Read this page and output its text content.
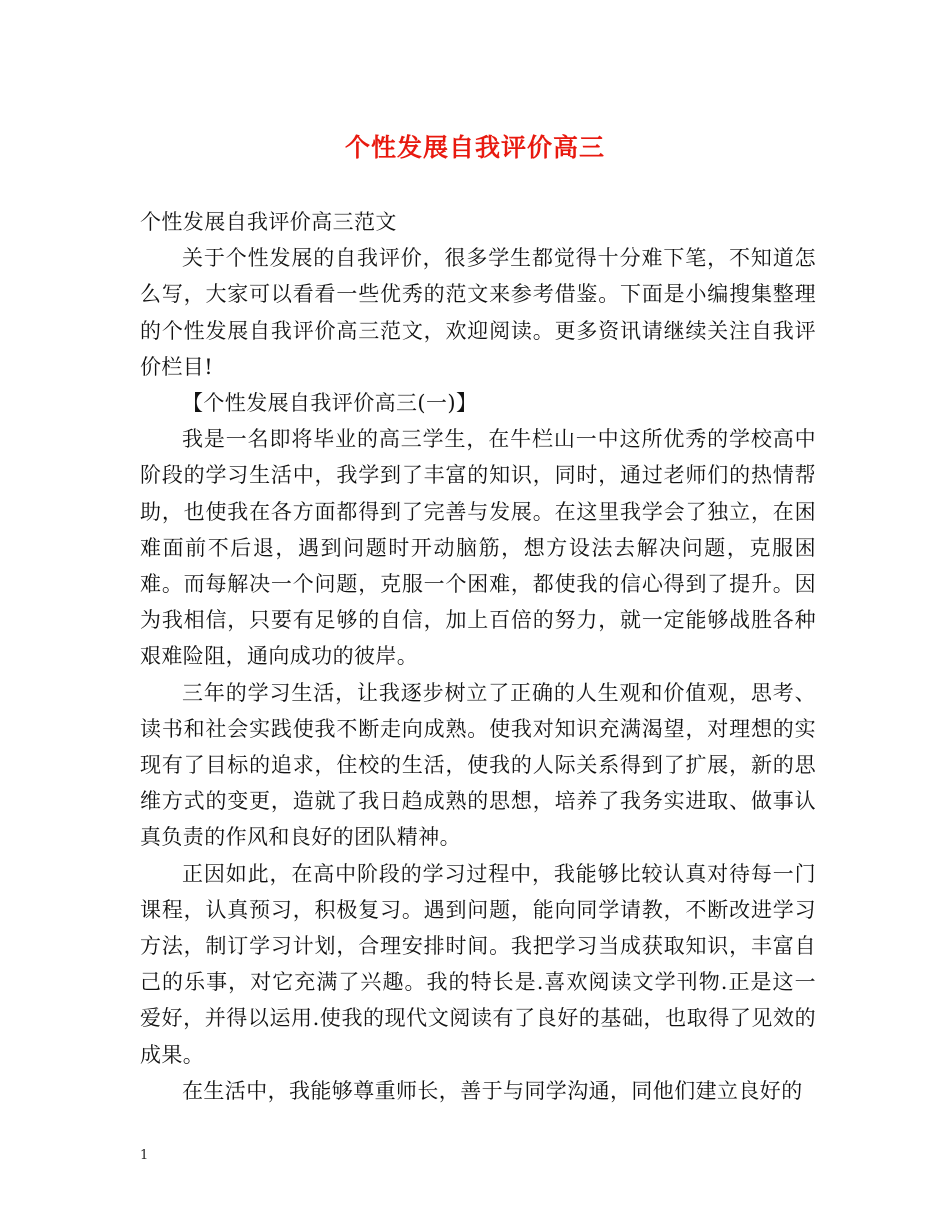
个性发展自我评价高三

个性发展自我评价高三范文

关于个性发展的自我评价，很多学生都觉得十分难下笔，不知道怎么写，大家可以看看一些优秀的范文来参考借鉴。下面是小编搜集整理的个性发展自我评价高三范文，欢迎阅读。更多资讯请继续关注自我评价栏目!

【个性发展自我评价高三(一)】

我是一名即将毕业的高三学生，在牛栏山一中这所优秀的学校高中阶段的学习生活中，我学到了丰富的知识，同时，通过老师们的热情帮助，也使我在各方面都得到了完善与发展。在这里我学会了独立，在困难面前不后退，遇到问题时开动脑筋，想方设法去解决问题，克服困难。而每解决一个问题，克服一个困难，都使我的信心得到了提升。因为我相信，只要有足够的自信，加上百倍的努力，就一定能够战胜各种艰难险阻，通向成功的彼岸。

三年的学习生活，让我逐步树立了正确的人生观和价值观，思考、读书和社会实践使我不断走向成熟。使我对知识充满渴望，对理想的实现有了目标的追求，住校的生活，使我的人际关系得到了扩展，新的思维方式的变更，造就了我日趋成熟的思想，培养了我务实进取、做事认真负责的作风和良好的团队精神。

正因如此，在高中阶段的学习过程中，我能够比较认真对待每一门课程，认真预习，积极复习。遇到问题，能向同学请教，不断改进学习方法，制订学习计划，合理安排时间。我把学习当成获取知识，丰富自己的乐事，对它充满了兴趣。我的特长是.喜欢阅读文学刊物.正是这一爱好，并得以运用.使我的现代文阅读有了良好的基础，也取得了见效的成果。

在生活中，我能够尊重师长，善于与同学沟通，同他们建立良好的

1
